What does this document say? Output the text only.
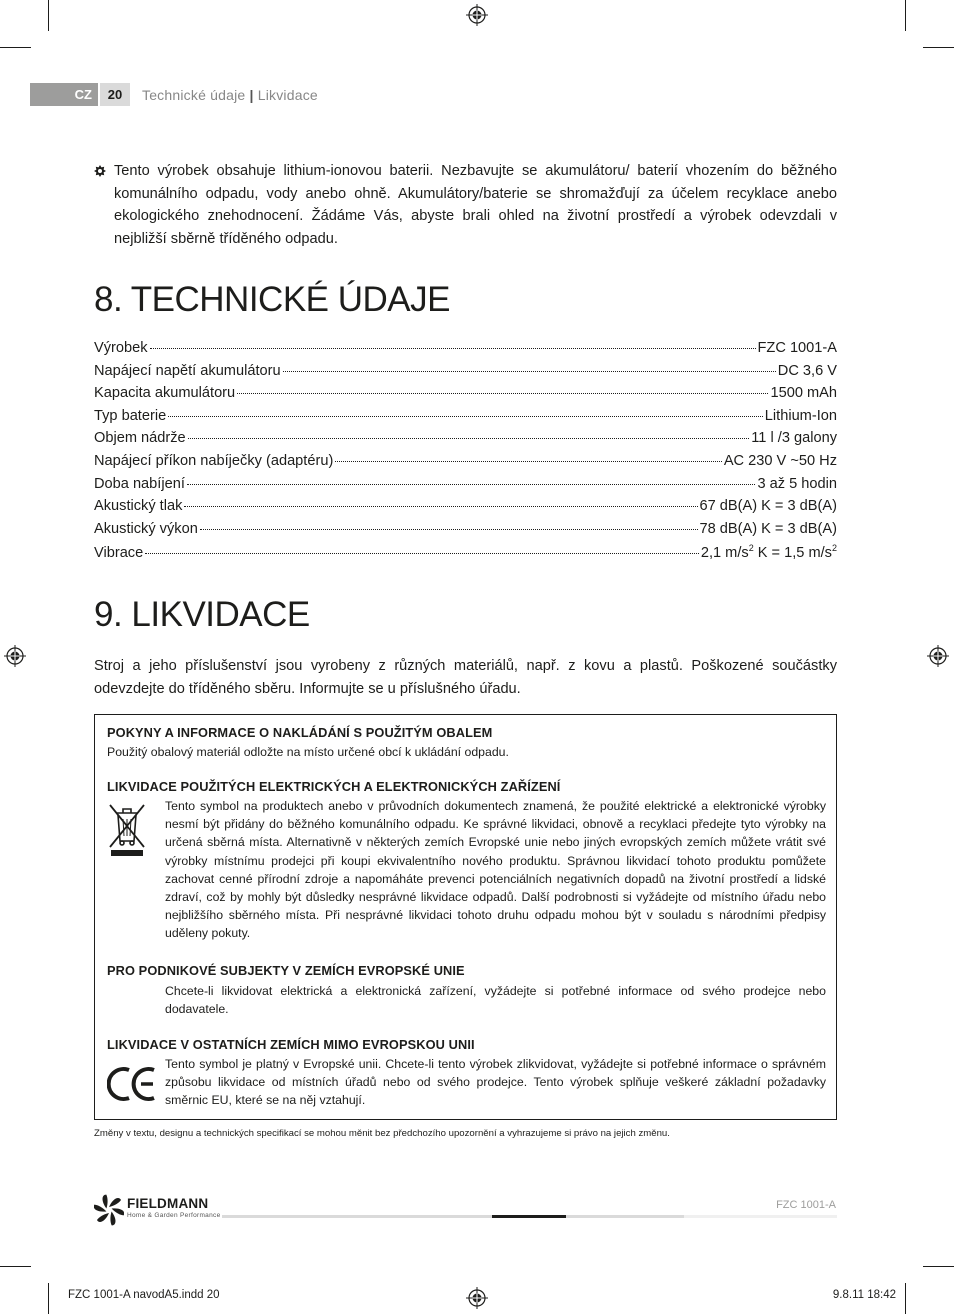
CZ	20	Technické údaje | Likvidace
Tento výrobek obsahuje lithium-ionovou baterii. Nezbavujte se akumulátoru/ baterií vhozením do běžného komunálního odpadu, vody anebo ohně. Akumulátory/baterie se shromažďují za účelem recyklace anebo ekologického znehodnocení. Žádáme Vás, abyste brali ohled na životní prostředí a výrobek odevzdali v nejbližší sběrně tříděného odpadu.
8. TECHNICKÉ ÚDAJE
Výrobek	FZC 1001-A
Napájecí napětí akumulátoru	DC 3,6 V
Kapacita akumulátoru	1500 mAh
Typ baterie	Lithium-Ion
Objem nádrže	11 l /3 galony
Napájecí příkon nabíječky (adaptéru)	AC 230 V ~50 Hz
Doba nabíjení	3 až 5 hodin
Akustický tlak	67 dB(A) K = 3 dB(A)
Akustický výkon	78 dB(A) K = 3 dB(A)
Vibrace	2,1 $m/s^2$ K = 1,5 $m/s^2$
9. LIKVIDACE
Stroj a jeho příslušenství jsou vyrobeny z různých materiálů, např. z kovu a plastů. Poškozené součástky odevzdejte do tříděného sběru. Informujte se u příslušného úřadu.
POKYNY A INFORMACE O NAKLÁDÁNÍ S POUŽITÝM OBALEM
Použitý obalový materiál odložte na místo určené obcí k ukládání odpadu.
LIKVIDACE POUŽITÝCH ELEKTRICKÝCH A ELEKTRONICKÝCH ZAŘÍZENÍ
Tento symbol na produktech anebo v průvodních dokumentech znamená, že použité elektrické a elektronické výrobky nesmí být přidány do běžného komunálního odpadu. Ke správné likvidaci, obnově a recyklaci předejte tyto výrobky na určená sběrná místa. Alternativně v některých zemích Evropské unie nebo jiných evropských zemích můžete vrátit své výrobky místnímu prodejci při koupi ekvivalentního nového produktu. Správnou likvidací tohoto produktu pomůžete zachovat cenné přírodní zdroje a napomáháte prevenci potenciálních negativních dopadů na životní prostředí a lidské zdraví, což by mohly být důsledky nesprávné likvidace odpadů. Další podrobnosti si vyžádejte od místního úřadu nebo nejbližšího sběrného místa. Při nesprávné likvidaci tohoto druhu odpadu mohou být v souladu s národními předpisy uděleny pokuty.
PRO PODNIKOVÉ SUBJEKTY V ZEMÍCH EVROPSKÉ UNIE
Chcete-li likvidovat elektrická a elektronická zařízení, vyžádejte si potřebné informace od svého prodejce nebo dodavatele.
LIKVIDACE V OSTATNÍCH ZEMÍCH MIMO EVROPSKOU UNII
Tento symbol je platný v Evropské unii. Chcete-li tento výrobek zlikvidovat, vyžádejte si potřebné informace o správném způsobu likvidace od místních úřadů nebo od svého prodejce. Tento výrobek splňuje veškeré základní požadavky směrnic EU, které se na něj vztahují.
Změny v textu, designu a technických specifikací se mohou měnit bez předchozího upozornění a vyhrazujeme si právo na jejich změnu.
FIELDMANN
Home & Garden Performance
FZC 1001-A
FZC 1001-A navodA5.indd 20	9.8.11 18:42
